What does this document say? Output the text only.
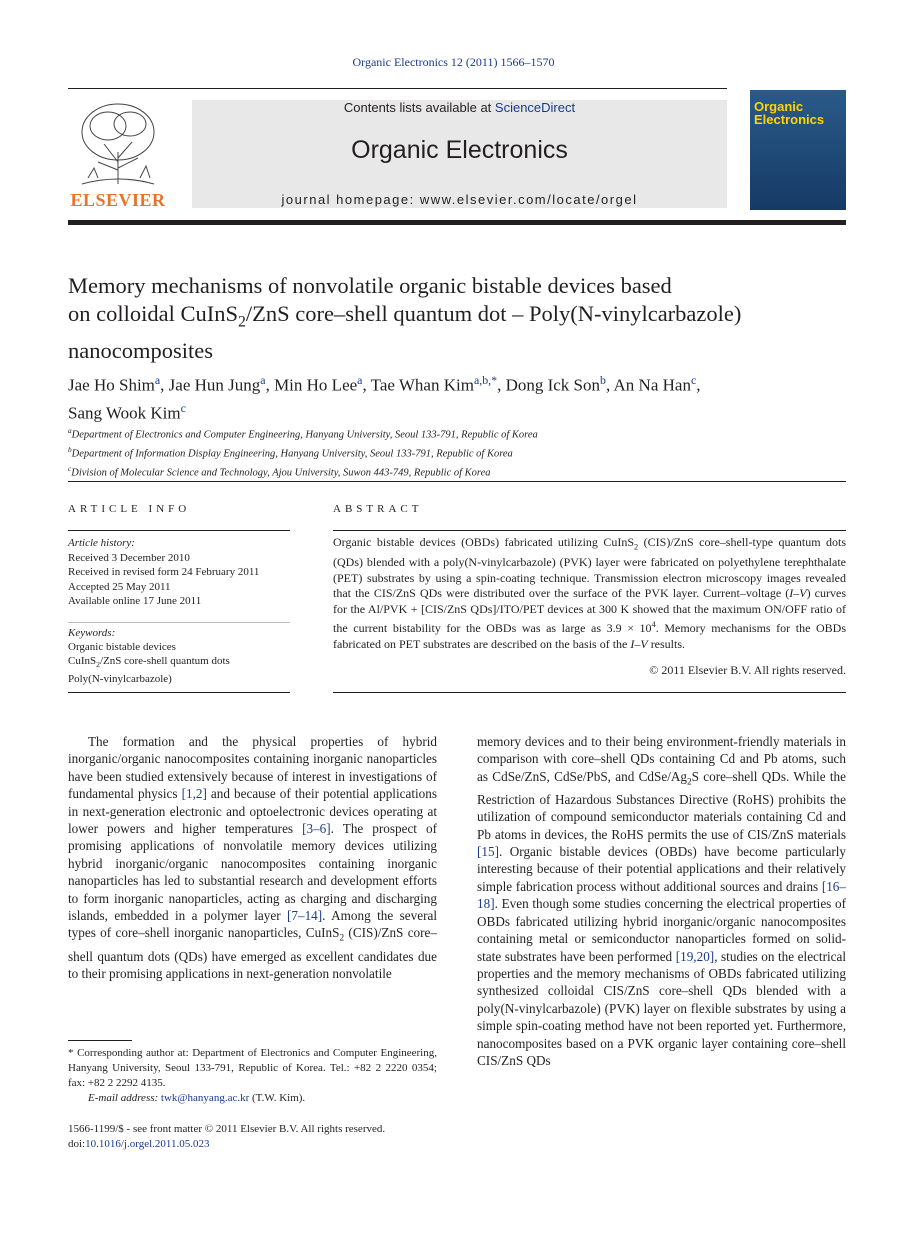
Organic Electronics 12 (2011) 1566–1570
Contents lists available at ScienceDirect
Organic Electronics
journal homepage: www.elsevier.com/locate/orgel
ELSEVIER
Organic
Electronics
Memory mechanisms of nonvolatile organic bistable devices based
on colloidal CuInS$_2$/ZnS core–shell quantum dot – Poly(N-vinylcarbazole)
nanocomposites
Jae Ho Shim$^a$, Jae Hun Jung$^a$, Min Ho Lee$^a$, Tae Whan Kim$^{a,b,*}$, Dong Ick Son$^b$, An Na Han$^c$,
Sang Wook Kim$^c$
$^a$Department of Electronics and Computer Engineering, Hanyang University, Seoul 133-791, Republic of Korea
$^b$Department of Information Display Engineering, Hanyang University, Seoul 133-791, Republic of Korea
$^c$Division of Molecular Science and Technology, Ajou University, Suwon 443-749, Republic of Korea
ARTICLE INFO
Article history:
Received 3 December 2010
Received in revised form 24 February 2011
Accepted 25 May 2011
Available online 17 June 2011
Keywords:
Organic bistable devices
CuInS$_2$/ZnS core-shell quantum dots
Poly(N-vinylcarbazole)
ABSTRACT
Organic bistable devices (OBDs) fabricated utilizing CuInS$_2$ (CIS)/ZnS core–shell-type quantum dots (QDs) blended with a poly(N-vinylcarbazole) (PVK) layer were fabricated on polyethylene terephthalate (PET) substrates by using a spin-coating technique. Transmission electron microscopy images revealed that the CIS/ZnS QDs were distributed over the surface of the PVK layer. Current–voltage (I–V) curves for the Al/PVK + [CIS/ZnS QDs]/ITO/PET devices at 300 K showed that the maximum ON/OFF ratio of the current bistability for the OBDs was as large as $3.9 \times 10^4$. Memory mechanisms for the OBDs fabricated on PET substrates are described on the basis of the I–V results.
© 2011 Elsevier B.V. All rights reserved.
The formation and the physical properties of hybrid inorganic/organic nanocomposites containing inorganic nanoparticles have been studied extensively because of interest in investigations of fundamental physics [1,2] and because of their potential applications in next-generation electronic and optoelectronic devices operating at lower powers and higher temperatures [3–6]. The prospect of promising applications of nonvolatile memory devices utilizing hybrid inorganic/organic nanocomposites containing inorganic nanoparticles has led to substantial research and development efforts to form inorganic nanoparticles, acting as charging and discharging islands, embedded in a polymer layer [7–14]. Among the several types of core–shell inorganic nanoparticles, CuInS$_2$ (CIS)/ZnS core–shell quantum dots (QDs) have emerged as excellent candidates due to their promising applications in next-generation nonvolatile
memory devices and to their being environment-friendly materials in comparison with core–shell QDs containing Cd and Pb atoms, such as CdSe/ZnS, CdSe/PbS, and CdSe/$Ag_2S$ core–shell QDs. While the Restriction of Hazardous Substances Directive (RoHS) prohibits the utilization of compound semiconductor materials containing Cd and Pb atoms in devices, the RoHS permits the use of CIS/ZnS materials [15]. Organic bistable devices (OBDs) have become particularly interesting because of their potential applications and their relatively simple fabrication process without additional sources and drains [16–18]. Even though some studies concerning the electrical properties of OBDs fabricated utilizing hybrid inorganic/organic nanocomposites containing metal or semiconductor nanoparticles formed on solid-state substrates have been performed [19,20], studies on the electrical properties and the memory mechanisms of OBDs fabricated utilizing synthesized colloidal CIS/ZnS core–shell QDs blended with a poly(N-vinylcarbazole) (PVK) layer on flexible substrates by using a simple spin-coating method have not been reported yet. Furthermore, nanocomposites based on a PVK organic layer containing core–shell CIS/ZnS QDs
* Corresponding author at: Department of Electronics and Computer Engineering, Hanyang University, Seoul 133-791, Republic of Korea. Tel.: +82 2 2220 0354; fax: +82 2 2292 4135.
E-mail address: twk@hanyang.ac.kr (T.W. Kim).
1566-1199/$ - see front matter © 2011 Elsevier B.V. All rights reserved.
doi:10.1016/j.orgel.2011.05.023
